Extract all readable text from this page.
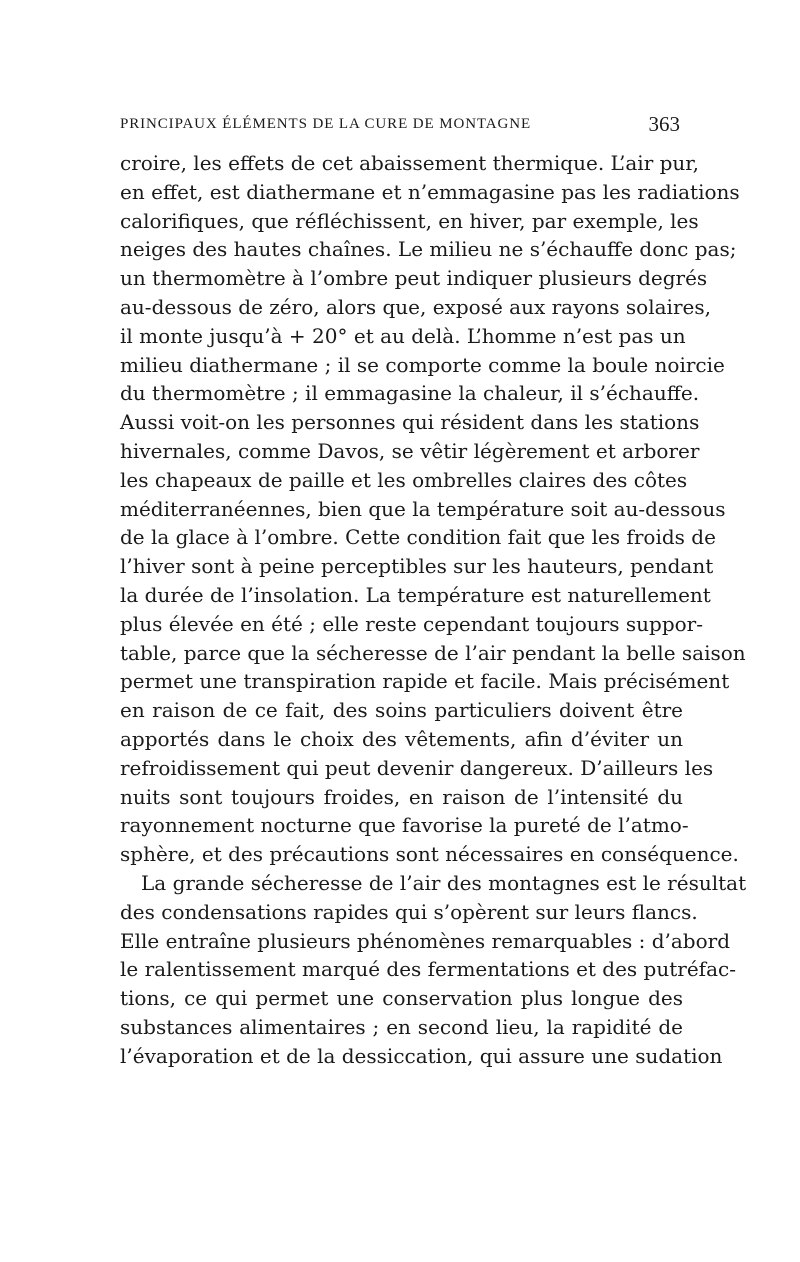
PRINCIPAUX ÉLÉMENTS DE LA CURE DE MONTAGNE	363
croire, les effets de cet abaissement thermique. L’air pur,
en effet, est diathermane et n’emmagasine pas les radiations
calorifiques, que réfléchissent, en hiver, par exemple, les
neiges des hautes chaînes. Le milieu ne s’échauffe donc pas;
un thermomètre à l’ombre peut indiquer plusieurs degrés
au-dessous de zéro, alors que, exposé aux rayons solaires,
il monte jusqu’à + 20° et au delà. L’homme n’est pas un
milieu diathermane ; il se comporte comme la boule noircie
du thermomètre ; il emmagasine la chaleur, il s’échauffe.
Aussi voit-on les personnes qui résident dans les stations
hivernales, comme Davos, se vêtir légèrement et arborer
les chapeaux de paille et les ombrelles claires des côtes
méditerranéennes, bien que la température soit au-dessous
de la glace à l’ombre. Cette condition fait que les froids de
l’hiver sont à peine perceptibles sur les hauteurs, pendant
la durée de l’insolation. La température est naturellement
plus élevée en été ; elle reste cependant toujours suppor-
table, parce que la sécheresse de l’air pendant la belle saison
permet une transpiration rapide et facile. Mais précisément
en raison de ce fait, des soins particuliers doivent être
apportés dans le choix des vêtements, afin d’éviter un
refroidissement qui peut devenir dangereux. D’ailleurs les
nuits sont toujours froides, en raison de l’intensité du
rayonnement nocturne que favorise la pureté de l’atmo-
sphère, et des précautions sont nécessaires en conséquence.
La grande sécheresse de l’air des montagnes est le résultat
des condensations rapides qui s’opèrent sur leurs flancs.
Elle entraîne plusieurs phénomènes remarquables : d’abord
le ralentissement marqué des fermentations et des putréfac-
tions, ce qui permet une conservation plus longue des
substances alimentaires ; en second lieu, la rapidité de
l’évaporation et de la dessiccation, qui assure une sudation
